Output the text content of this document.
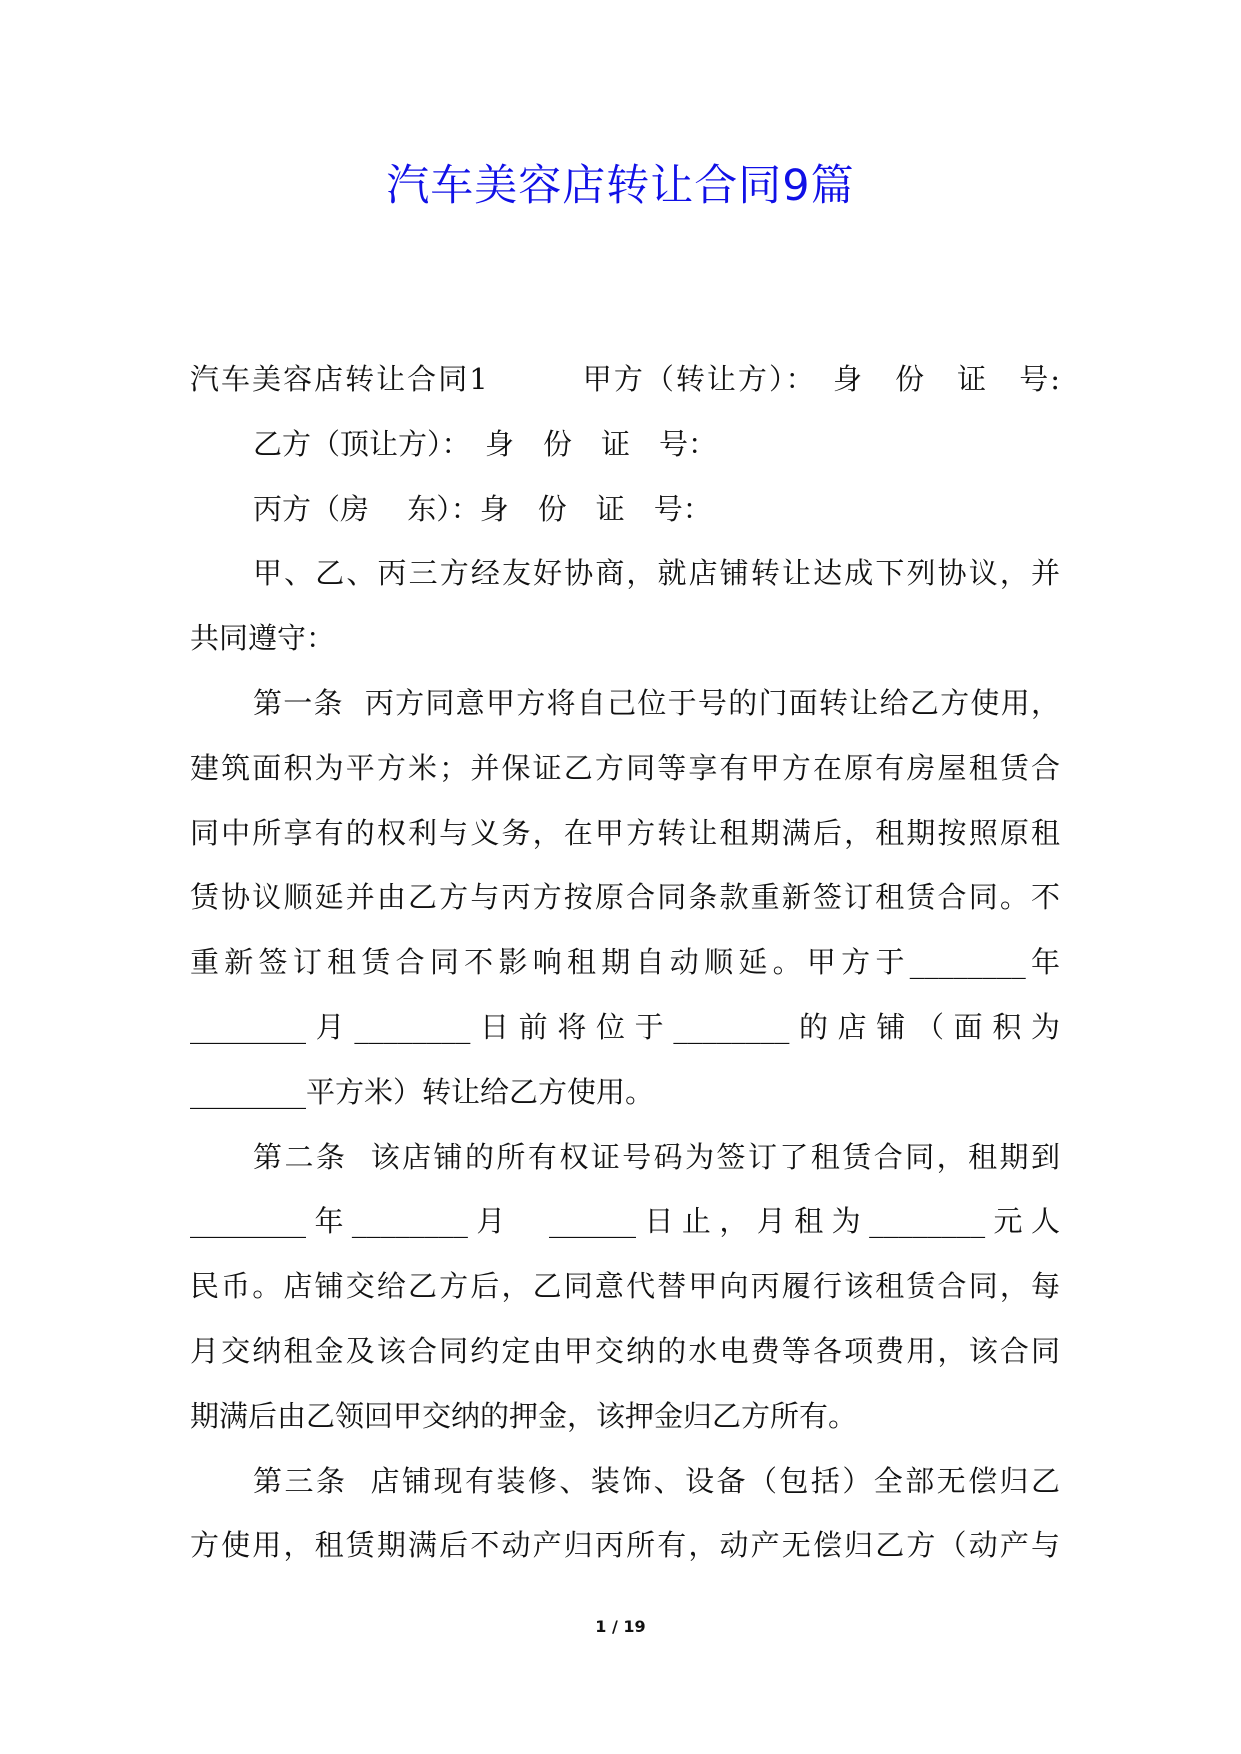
汽车美容店转让合同9篇
汽车美容店转让合同1　　　甲方（转让方）：　身　份　证　号:
乙方（顶让方）：　身　份　证　号：
丙方（房　 东）：身　份　证　号：
甲、乙、丙三方经友好协商，就店铺转让达成下列协议，并
共同遵守：
第一条  丙方同意甲方将自己位于号的门面转让给乙方使用，
建筑面积为平方米；并保证乙方同等享有甲方在原有房屋租赁合
同中所享有的权利与义务，在甲方转让租期满后，租期按照原租
赁协议顺延并由乙方与丙方按原合同条款重新签订租赁合同。不
重新签订租赁合同不影响租期自动顺延。甲方于________年
________月________日前将位于________的店铺（面积为
________平方米）转让给乙方使用。
第二条  该店铺的所有权证号码为签订了租赁合同，租期到
________年________月  ______日止，月租为________元人
民币。店铺交给乙方后，乙同意代替甲向丙履行该租赁合同，每
月交纳租金及该合同约定由甲交纳的水电费等各项费用，该合同
期满后由乙领回甲交纳的押金，该押金归乙方所有。
第三条  店铺现有装修、装饰、设备（包括）全部无偿归乙
方使用，租赁期满后不动产归丙所有，动产无偿归乙方（动产与
1 / 19
